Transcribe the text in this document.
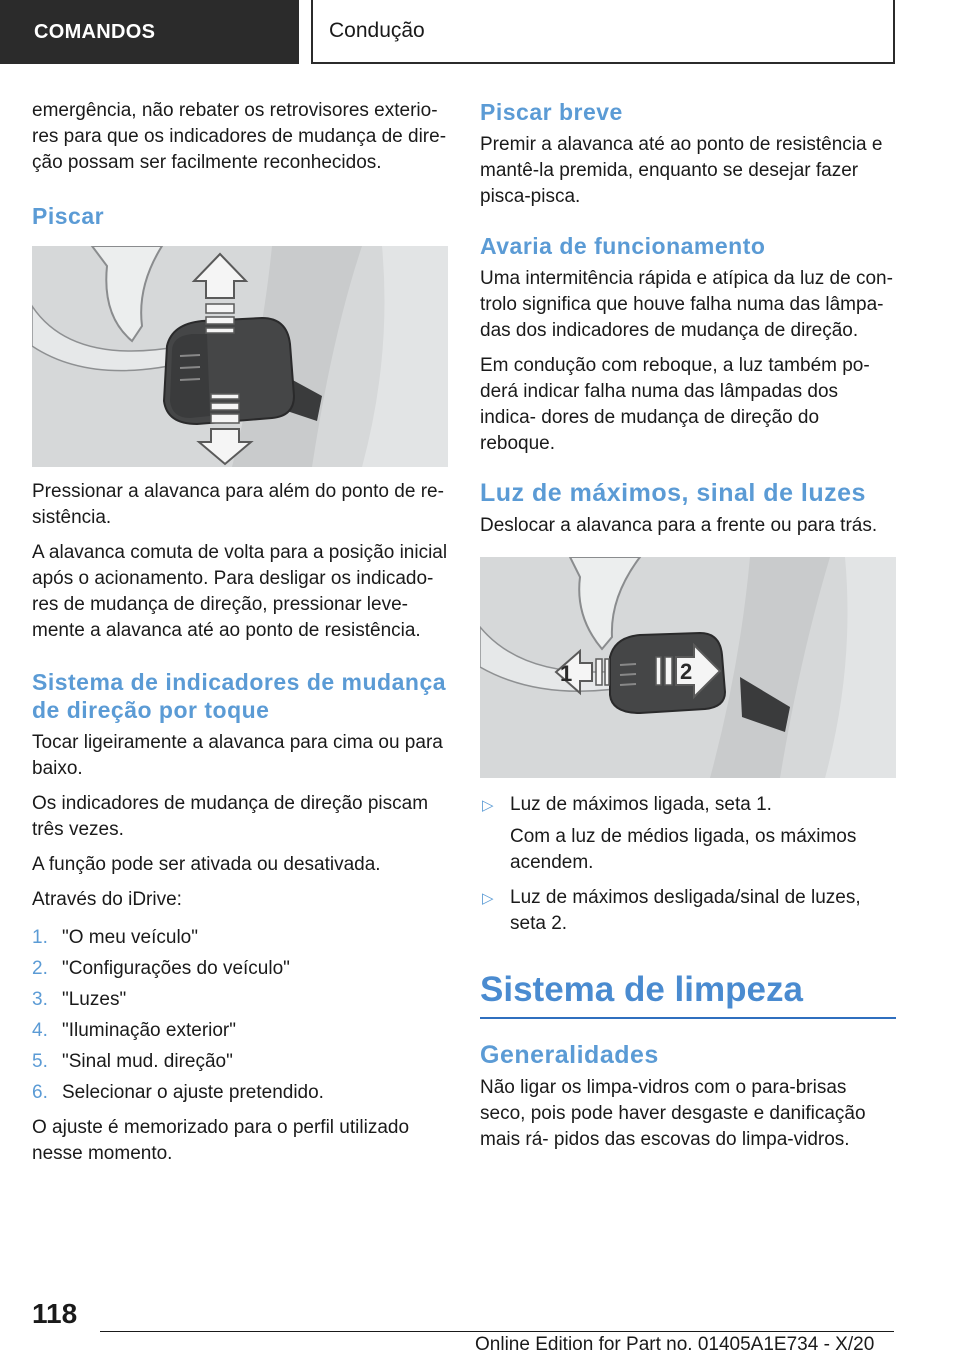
COMANDOS	Condução

emergência, não rebater os retrovisores exterio- res para que os indicadores de mudança de dire- ção possam ser facilmente reconhecidos.

Piscar

Pressionar a alavanca para além do ponto de re- sistência.

A alavanca comuta de volta para a posição inicial após o acionamento. Para desligar os indicado- res de mudança de direção, pressionar leve- mente a alavanca até ao ponto de resistência.

Sistema de indicadores de mudança de direção por toque

Tocar ligeiramente a alavanca para cima ou para baixo.

Os indicadores de mudança de direção piscam três vezes.

A função pode ser ativada ou desativada.

Através do iDrive:

1. "O meu veículo"
2. "Configurações do veículo"
3. "Luzes"
4. "Iluminação exterior"
5. "Sinal mud. direção"
6. Selecionar o ajuste pretendido.

O ajuste é memorizado para o perfil utilizado nesse momento.

Piscar breve

Premir a alavanca até ao ponto de resistência e mantê-la premida, enquanto se desejar fazer pisca-pisca.

Avaria de funcionamento

Uma intermitência rápida e atípica da luz de con- trolo significa que houve falha numa das lâmpa- das dos indicadores de mudança de direção.

Em condução com reboque, a luz também po- derá indicar falha numa das lâmpadas dos indica- dores de mudança de direção do reboque.

Luz de máximos, sinal de luzes

Deslocar a alavanca para a frente ou para trás.

1	2
▷ Luz de máximos ligada, seta 1.
Com a luz de médios ligada, os máximos acendem.
▷ Luz de máximos desligada/sinal de luzes, seta 2.
Sistema de limpeza
Generalidades

Não ligar os limpa-vidros com o para-brisas seco, pois pode haver desgaste e danificação mais rá- pidos das escovas do limpa-vidros.

118
Online Edition for Part no. 01405A1E734 - X/20
